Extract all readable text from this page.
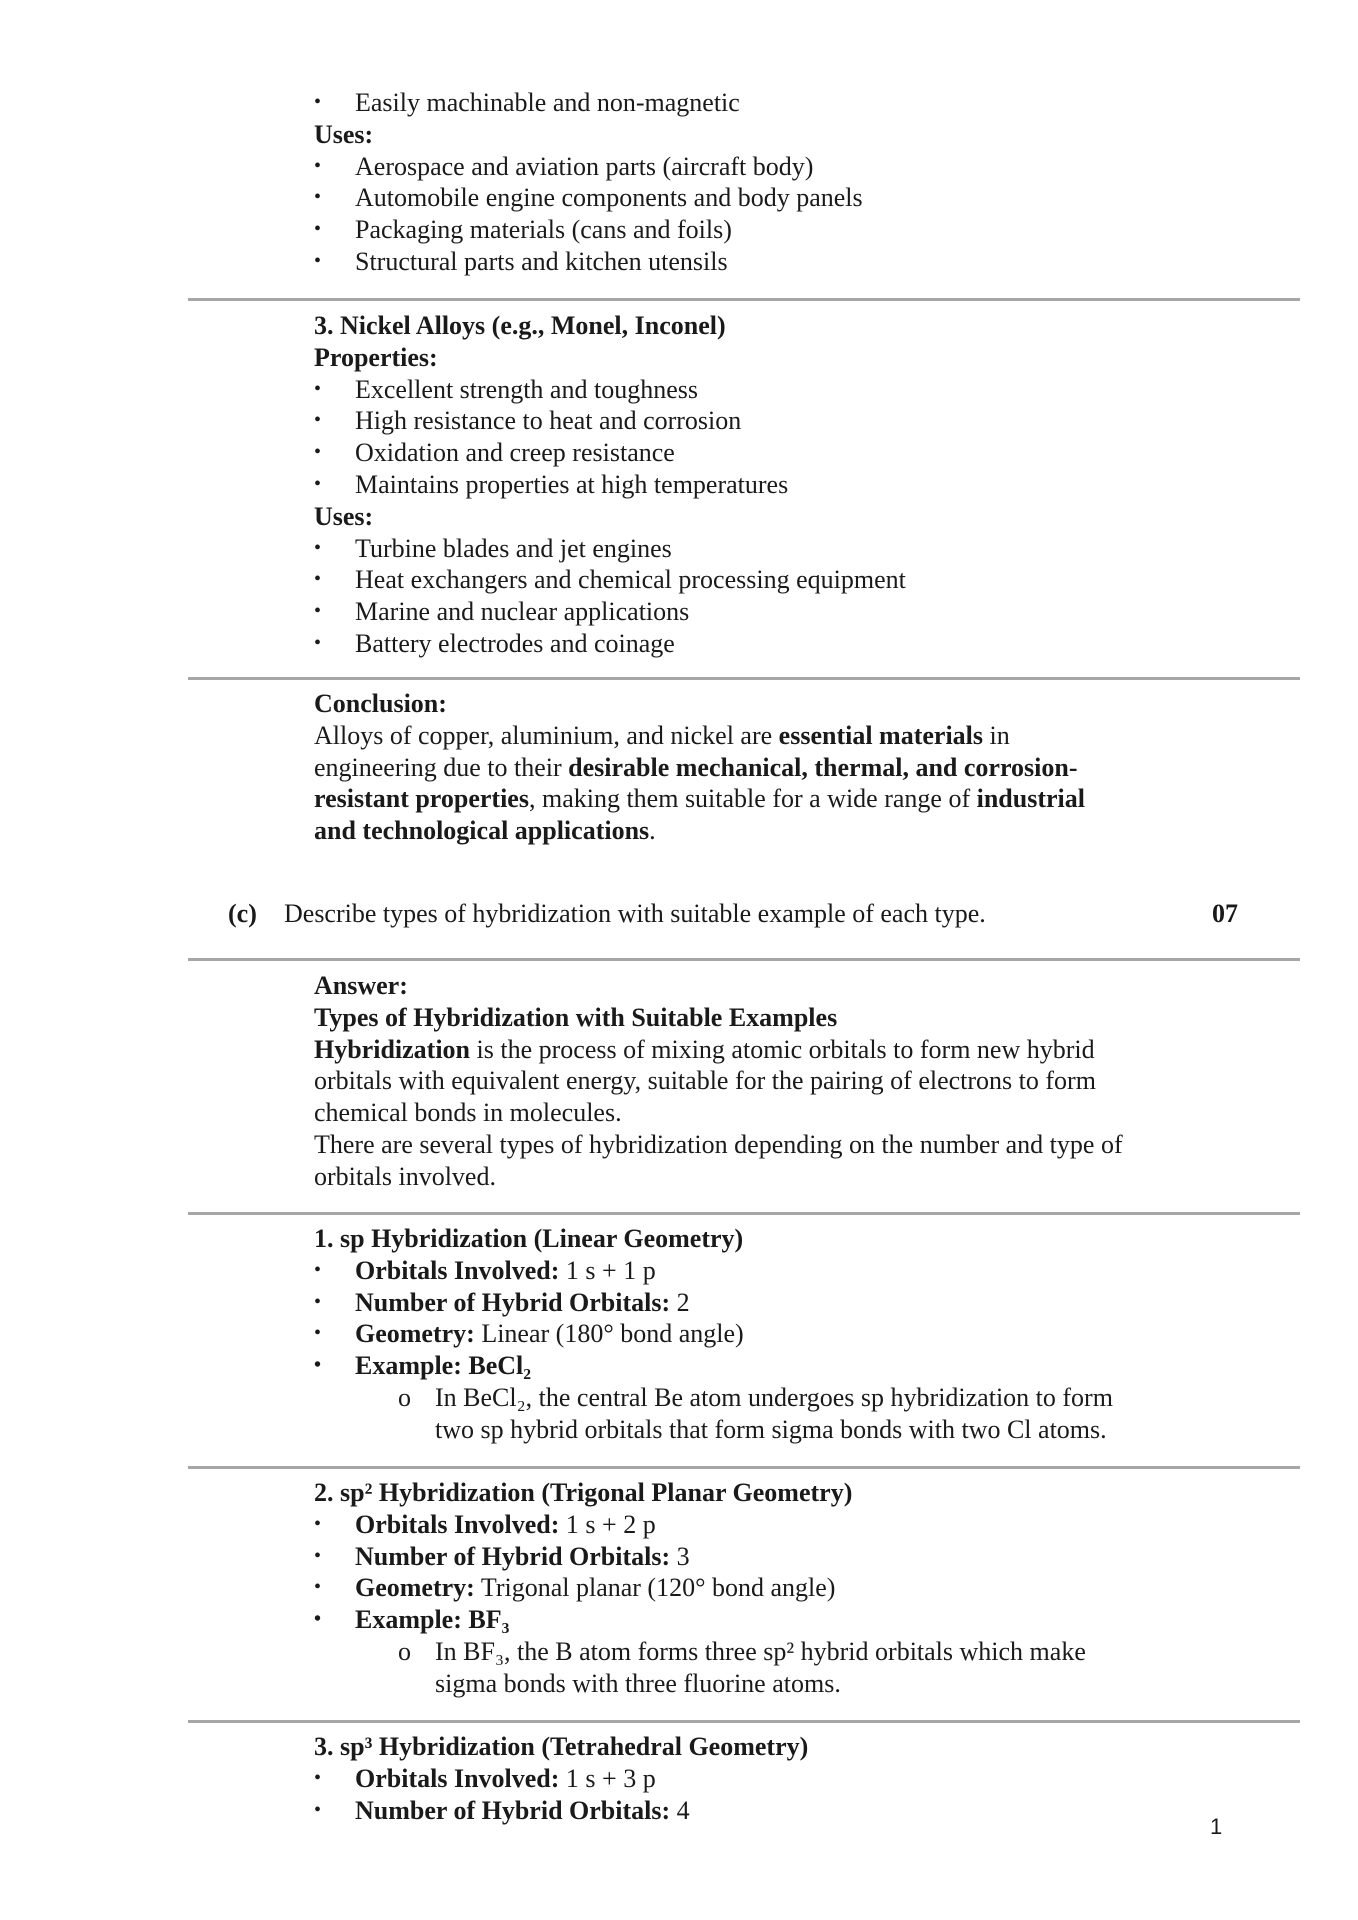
• Easily machinable and non-magnetic
Uses:
• Aerospace and aviation parts (aircraft body)
• Automobile engine components and body panels
• Packaging materials (cans and foils)
• Structural parts and kitchen utensils
3. Nickel Alloys (e.g., Monel, Inconel)
Properties:
• Excellent strength and toughness
• High resistance to heat and corrosion
• Oxidation and creep resistance
• Maintains properties at high temperatures
Uses:
• Turbine blades and jet engines
• Heat exchangers and chemical processing equipment
• Marine and nuclear applications
• Battery electrodes and coinage
Conclusion:
Alloys of copper, aluminium, and nickel are essential materials in
engineering due to their desirable mechanical, thermal, and corrosion-
resistant properties, making them suitable for a wide range of industrial
and technological applications.
(c) Describe types of hybridization with suitable example of each type.	07
Answer:
Types of Hybridization with Suitable Examples
Hybridization is the process of mixing atomic orbitals to form new hybrid
orbitals with equivalent energy, suitable for the pairing of electrons to form
chemical bonds in molecules.
There are several types of hybridization depending on the number and type of
orbitals involved.
1. sp Hybridization (Linear Geometry)
• Orbitals Involved: 1 s + 1 p
• Number of Hybrid Orbitals: 2
• Geometry: Linear (180° bond angle)
• Example: BeCl₂
o In BeCl₂, the central Be atom undergoes sp hybridization to form
two sp hybrid orbitals that form sigma bonds with two Cl atoms.
2. sp² Hybridization (Trigonal Planar Geometry)
• Orbitals Involved: 1 s + 2 p
• Number of Hybrid Orbitals: 3
• Geometry: Trigonal planar (120° bond angle)
• Example: BF₃
o In BF₃, the B atom forms three sp² hybrid orbitals which make
sigma bonds with three fluorine atoms.
3. sp³ Hybridization (Tetrahedral Geometry)
• Orbitals Involved: 1 s + 3 p
• Number of Hybrid Orbitals: 4
1
